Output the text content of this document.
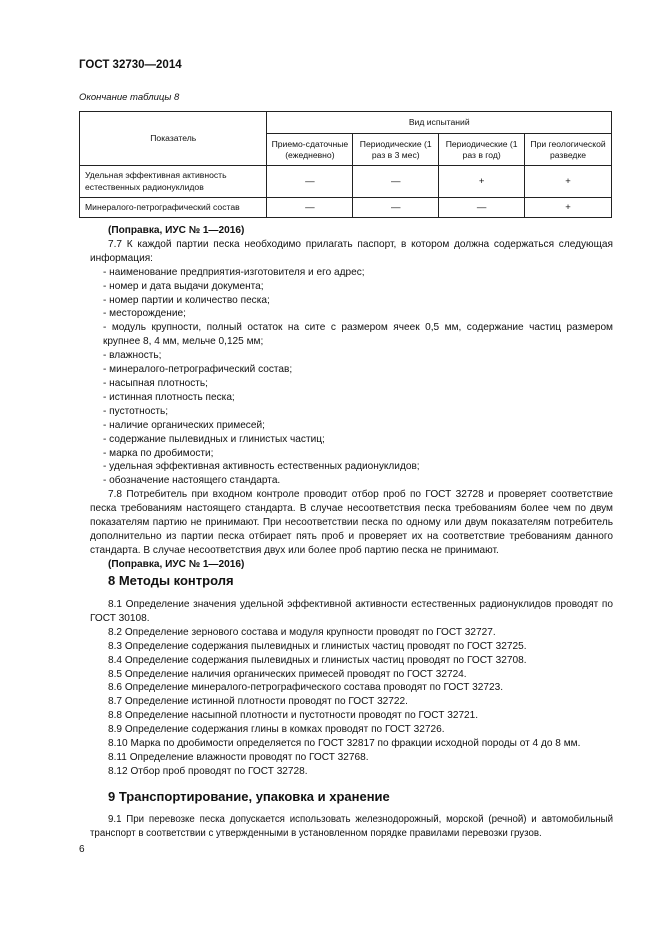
ГОСТ 32730—2014
Окончание таблицы 8
Показатель	Вид испытаний			
	Приемо-сдаточные (ежедневно)	Периодические (1 раз в 3 мес)	Периодические (1 раз в год)	При геологической разведке
Удельная эффективная активность естественных радионуклидов	—	—	+	+
Минералого-петрографический состав	—	—	—	+

(Поправка, ИУС № 1—2016)

7.7 К каждой партии песка необходимо прилагать паспорт, в котором должна содержаться следующая информация:

- наименование предприятия-изготовителя и его адрес;

- номер и дата выдачи документа;

- номер партии и количество песка;

- месторождение;

- модуль крупности, полный остаток на сите с размером ячеек 0,5 мм, содержание частиц размером крупнее 8, 4 мм, мельче 0,125 мм;

- влажность;

- минералого-петрографический состав;

- насыпная плотность;

- истинная плотность песка;

- пустотность;

- наличие органических примесей;

- содержание пылевидных и глинистых частиц;

- марка по дробимости;

- удельная эффективная активность естественных радионуклидов;

- обозначение настоящего стандарта.

7.8 Потребитель при входном контроле проводит отбор проб по ГОСТ 32728 и проверяет соответствие песка требованиям настоящего стандарта. В случае несоответствия песка требованиям более чем по двум показателям партию не принимают. При несоответствии песка по одному или двум показателям потребитель дополнительно из партии песка отбирает пять проб и проверяет их на соответствие требованиям данного стандарта. В случае несоответствия двух или более проб партию песка не принимают.

(Поправка, ИУС № 1—2016)

8 Методы контроля

8.1 Определение значения удельной эффективной активности естественных радионуклидов проводят по ГОСТ 30108.

8.2 Определение зернового состава и модуля крупности проводят по ГОСТ 32727.

8.3 Определение содержания пылевидных и глинистых частиц проводят по ГОСТ 32725.

8.4 Определение содержания пылевидных и глинистых частиц проводят по ГОСТ 32708.

8.5 Определение наличия органических примесей проводят по ГОСТ 32724.

8.6 Определение минералого-петрографического состава проводят по ГОСТ 32723.

8.7 Определение истинной плотности проводят по ГОСТ 32722.

8.8 Определение насыпной плотности и пустотности проводят по ГОСТ 32721.

8.9 Определение содержания глины в комках проводят по ГОСТ 32726.

8.10 Марка по дробимости определяется по ГОСТ 32817 по фракции исходной породы от 4 до 8 мм.

8.11 Определение влажности проводят по ГОСТ 32768.

8.12 Отбор проб проводят по ГОСТ 32728.

9 Транспортирование, упаковка и хранение

9.1 При перевозке песка допускается использовать железнодорожный, морской (речной) и автомобильный транспорт в соответствии с утвержденными в установленном порядке правилами перевозки грузов.

6
